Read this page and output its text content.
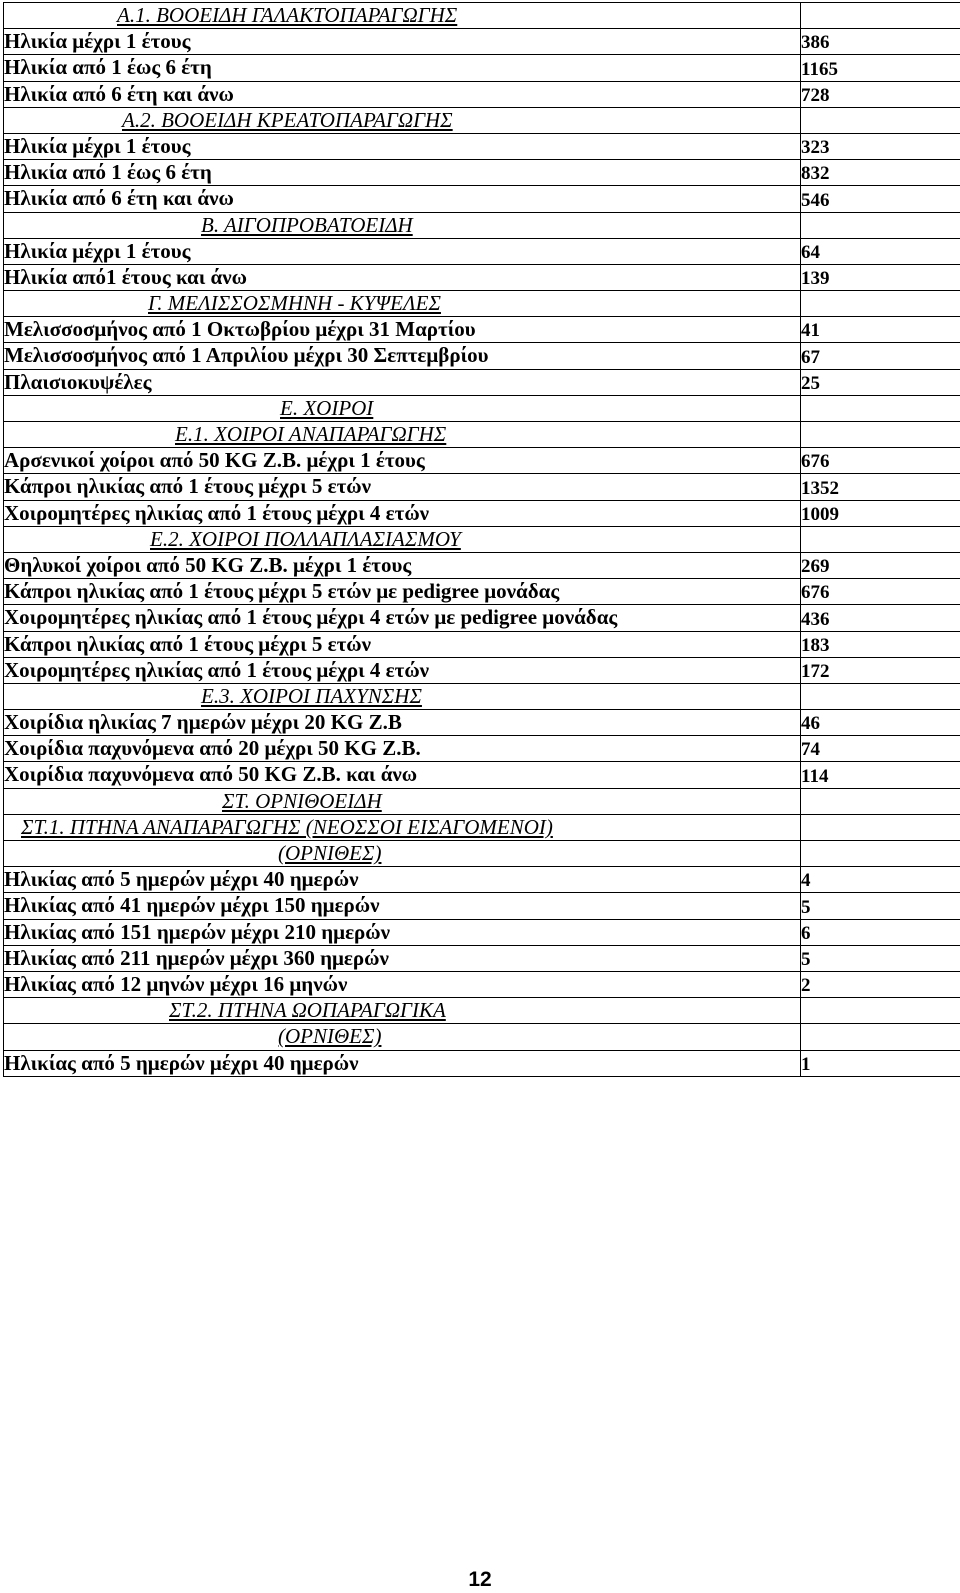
Α.1. ΒΟΟΕΙΔΗ ΓΑΛΑΚΤΟΠΑΡΑΓΩΓΗΣ	
Ηλικία μέχρι 1 έτους	386
Ηλικία από 1 έως 6 έτη	1165
Ηλικία από 6 έτη και άνω	728
Α.2. ΒΟΟΕΙΔΗ ΚΡΕΑΤΟΠΑΡΑΓΩΓΗΣ	
Ηλικία μέχρι 1 έτους	323
Ηλικία από 1 έως 6 έτη	832
Ηλικία από 6 έτη και άνω	546
Β. ΑΙΓΟΠΡΟΒΑΤΟΕΙΔΗ	
Ηλικία μέχρι 1 έτους	64
Ηλικία από1 έτους και άνω	139
Γ. ΜΕΛΙΣΣΟΣΜΗΝΗ - ΚΥΨΕΛΕΣ	
Μελισσοσμήνος από 1 Οκτωβρίου μέχρι 31 Μαρτίου	41
Μελισσοσμήνος από 1 Απριλίου μέχρι 30 Σεπτεμβρίου	67
Πλαισιοκυψέλες	25
Ε. ΧΟΙΡΟΙ	
Ε.1. ΧΟΙΡΟΙ ΑΝΑΠΑΡΑΓΩΓΗΣ	
Αρσενικοί χοίροι από 50 KG Ζ.Β. μέχρι 1 έτους	676
Κάπροι ηλικίας από 1 έτους μέχρι 5 ετών	1352
Χοιρομητέρες ηλικίας από 1 έτους μέχρι 4 ετών	1009
Ε.2. ΧΟΙΡΟΙ ΠΟΛΛΑΠΛΑΣΙΑΣΜΟΥ	
Θηλυκοί χοίροι από 50 KG Ζ.Β. μέχρι 1 έτους	269
Κάπροι ηλικίας από 1 έτους μέχρι 5 ετών με pedigree μονάδας	676
Χοιρομητέρες ηλικίας από 1 έτους μέχρι 4 ετών με pedigree μονάδας	436
Κάπροι ηλικίας από 1 έτους μέχρι 5 ετών	183
Χοιρομητέρες ηλικίας από 1 έτους μέχρι 4 ετών	172
Ε.3. ΧΟΙΡΟΙ ΠΑΧΥΝΣΗΣ	
Χοιρίδια ηλικίας 7 ημερών μέχρι 20 KG Ζ.Β	46
Χοιρίδια παχυνόμενα από 20 μέχρι 50 KG Ζ.Β.	74
Χοιρίδια παχυνόμενα από 50 KG Ζ.Β. και άνω	114
ΣΤ. ΟΡΝΙΘΟΕΙΔΗ	
ΣΤ.1. ΠΤΗΝΑ ΑΝΑΠΑΡΑΓΩΓΗΣ (ΝΕΟΣΣΟΙ ΕΙΣΑΓΟΜΕΝΟΙ)	
(ΟΡΝΙΘΕΣ)	
Ηλικίας από 5 ημερών μέχρι 40 ημερών	4
Ηλικίας από 41 ημερών μέχρι 150 ημερών	5
Ηλικίας από 151 ημερών μέχρι 210 ημερών	6
Ηλικίας από 211 ημερών μέχρι 360 ημερών	5
Ηλικίας από 12 μηνών μέχρι 16 μηνών	2
ΣΤ.2. ΠΤΗΝΑ ΩΟΠΑΡΑΓΩΓΙΚΑ	
(ΟΡΝΙΘΕΣ)	
Ηλικίας από 5 ημερών μέχρι 40 ημερών	1
12
